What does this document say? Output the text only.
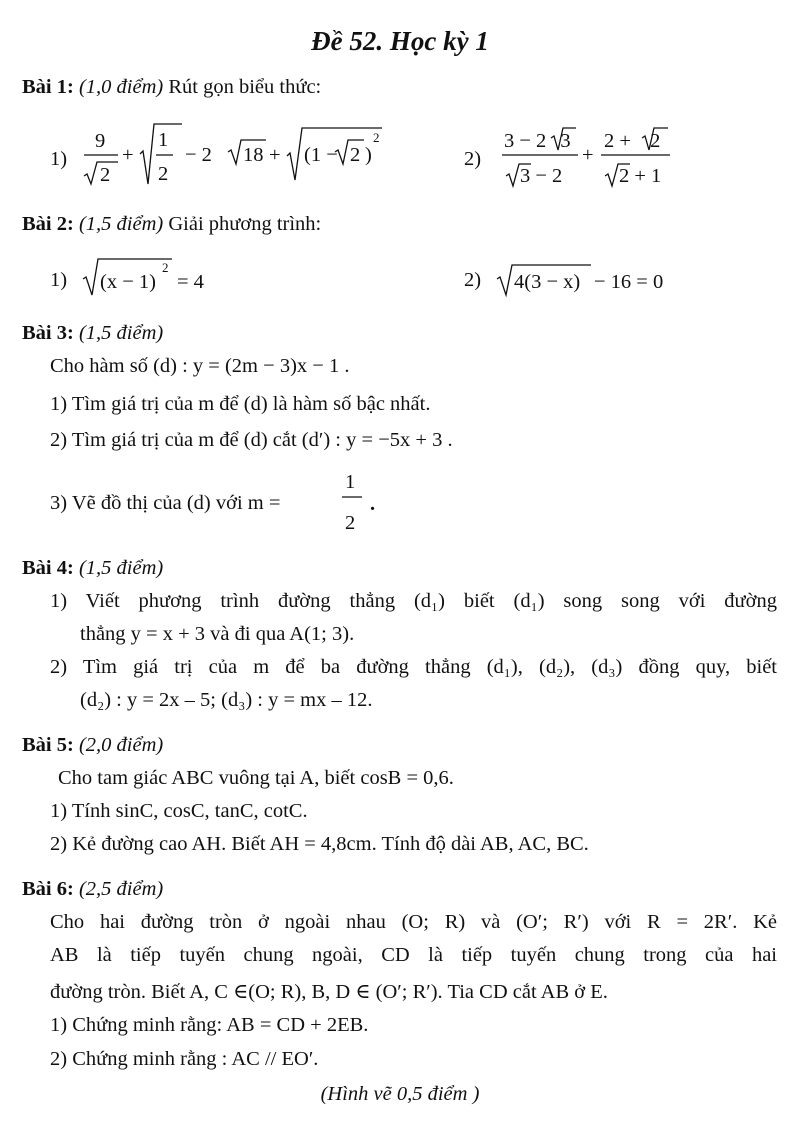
Đề 52. Học kỳ 1
Bài 1: (1,0 điểm) Rút gọn biểu thức:
1)
9
2
+
1
2
− 2 18 + (1 − 2 )
2
2)
3 − 2 3
3 − 2
+
2 + 2
2 + 1
Bài 2: (1,5 điểm) Giải phương trình:
1) (x − 1)
2
= 4	2) 4(3 − x) − 16 = 0
Bài 3: (1,5 điểm)
Cho hàm số (d) : y = (2m − 3)x − 1 .
1) Tìm giá trị của m để (d) là hàm số bậc nhất.
2) Tìm giá trị của m để (d) cắt (d′) : y = −5x + 3 .
3) Vẽ đồ thị của (d) với m =
1
2
.
Bài 4: (1,5 điểm)
1) Viết phương trình đường thẳng (d₁) biết (d₁) song song với đường
thẳng y = x + 3 và đi qua A(1; 3).
2) Tìm giá trị của m để ba đường thẳng (d₁), (d₂), (d₃) đồng quy, biết
(d₂) : y = 2x – 5; (d₃) : y = mx – 12.
Bài 5: (2,0 điểm)
Cho tam giác ABC vuông tại A, biết cosB = 0,6.
1) Tính sinC, cosC, tanC, cotC.
2) Kẻ đường cao AH. Biết AH = 4,8cm. Tính độ dài AB, AC, BC.
Bài 6: (2,5 điểm)
Cho hai đường tròn ở ngoài nhau (O; R) và (O′; R′) với R = 2R′. Kẻ
AB là tiếp tuyến chung ngoài, CD là tiếp tuyến chung trong của hai
đường tròn. Biết A, C ∈(O; R), B, D ∈ (O′; R′). Tia CD cắt AB ở E.
1) Chứng minh rằng: AB = CD + 2EB.
2) Chứng minh rằng : AC // EO′.
(Hình vẽ 0,5 điểm )
